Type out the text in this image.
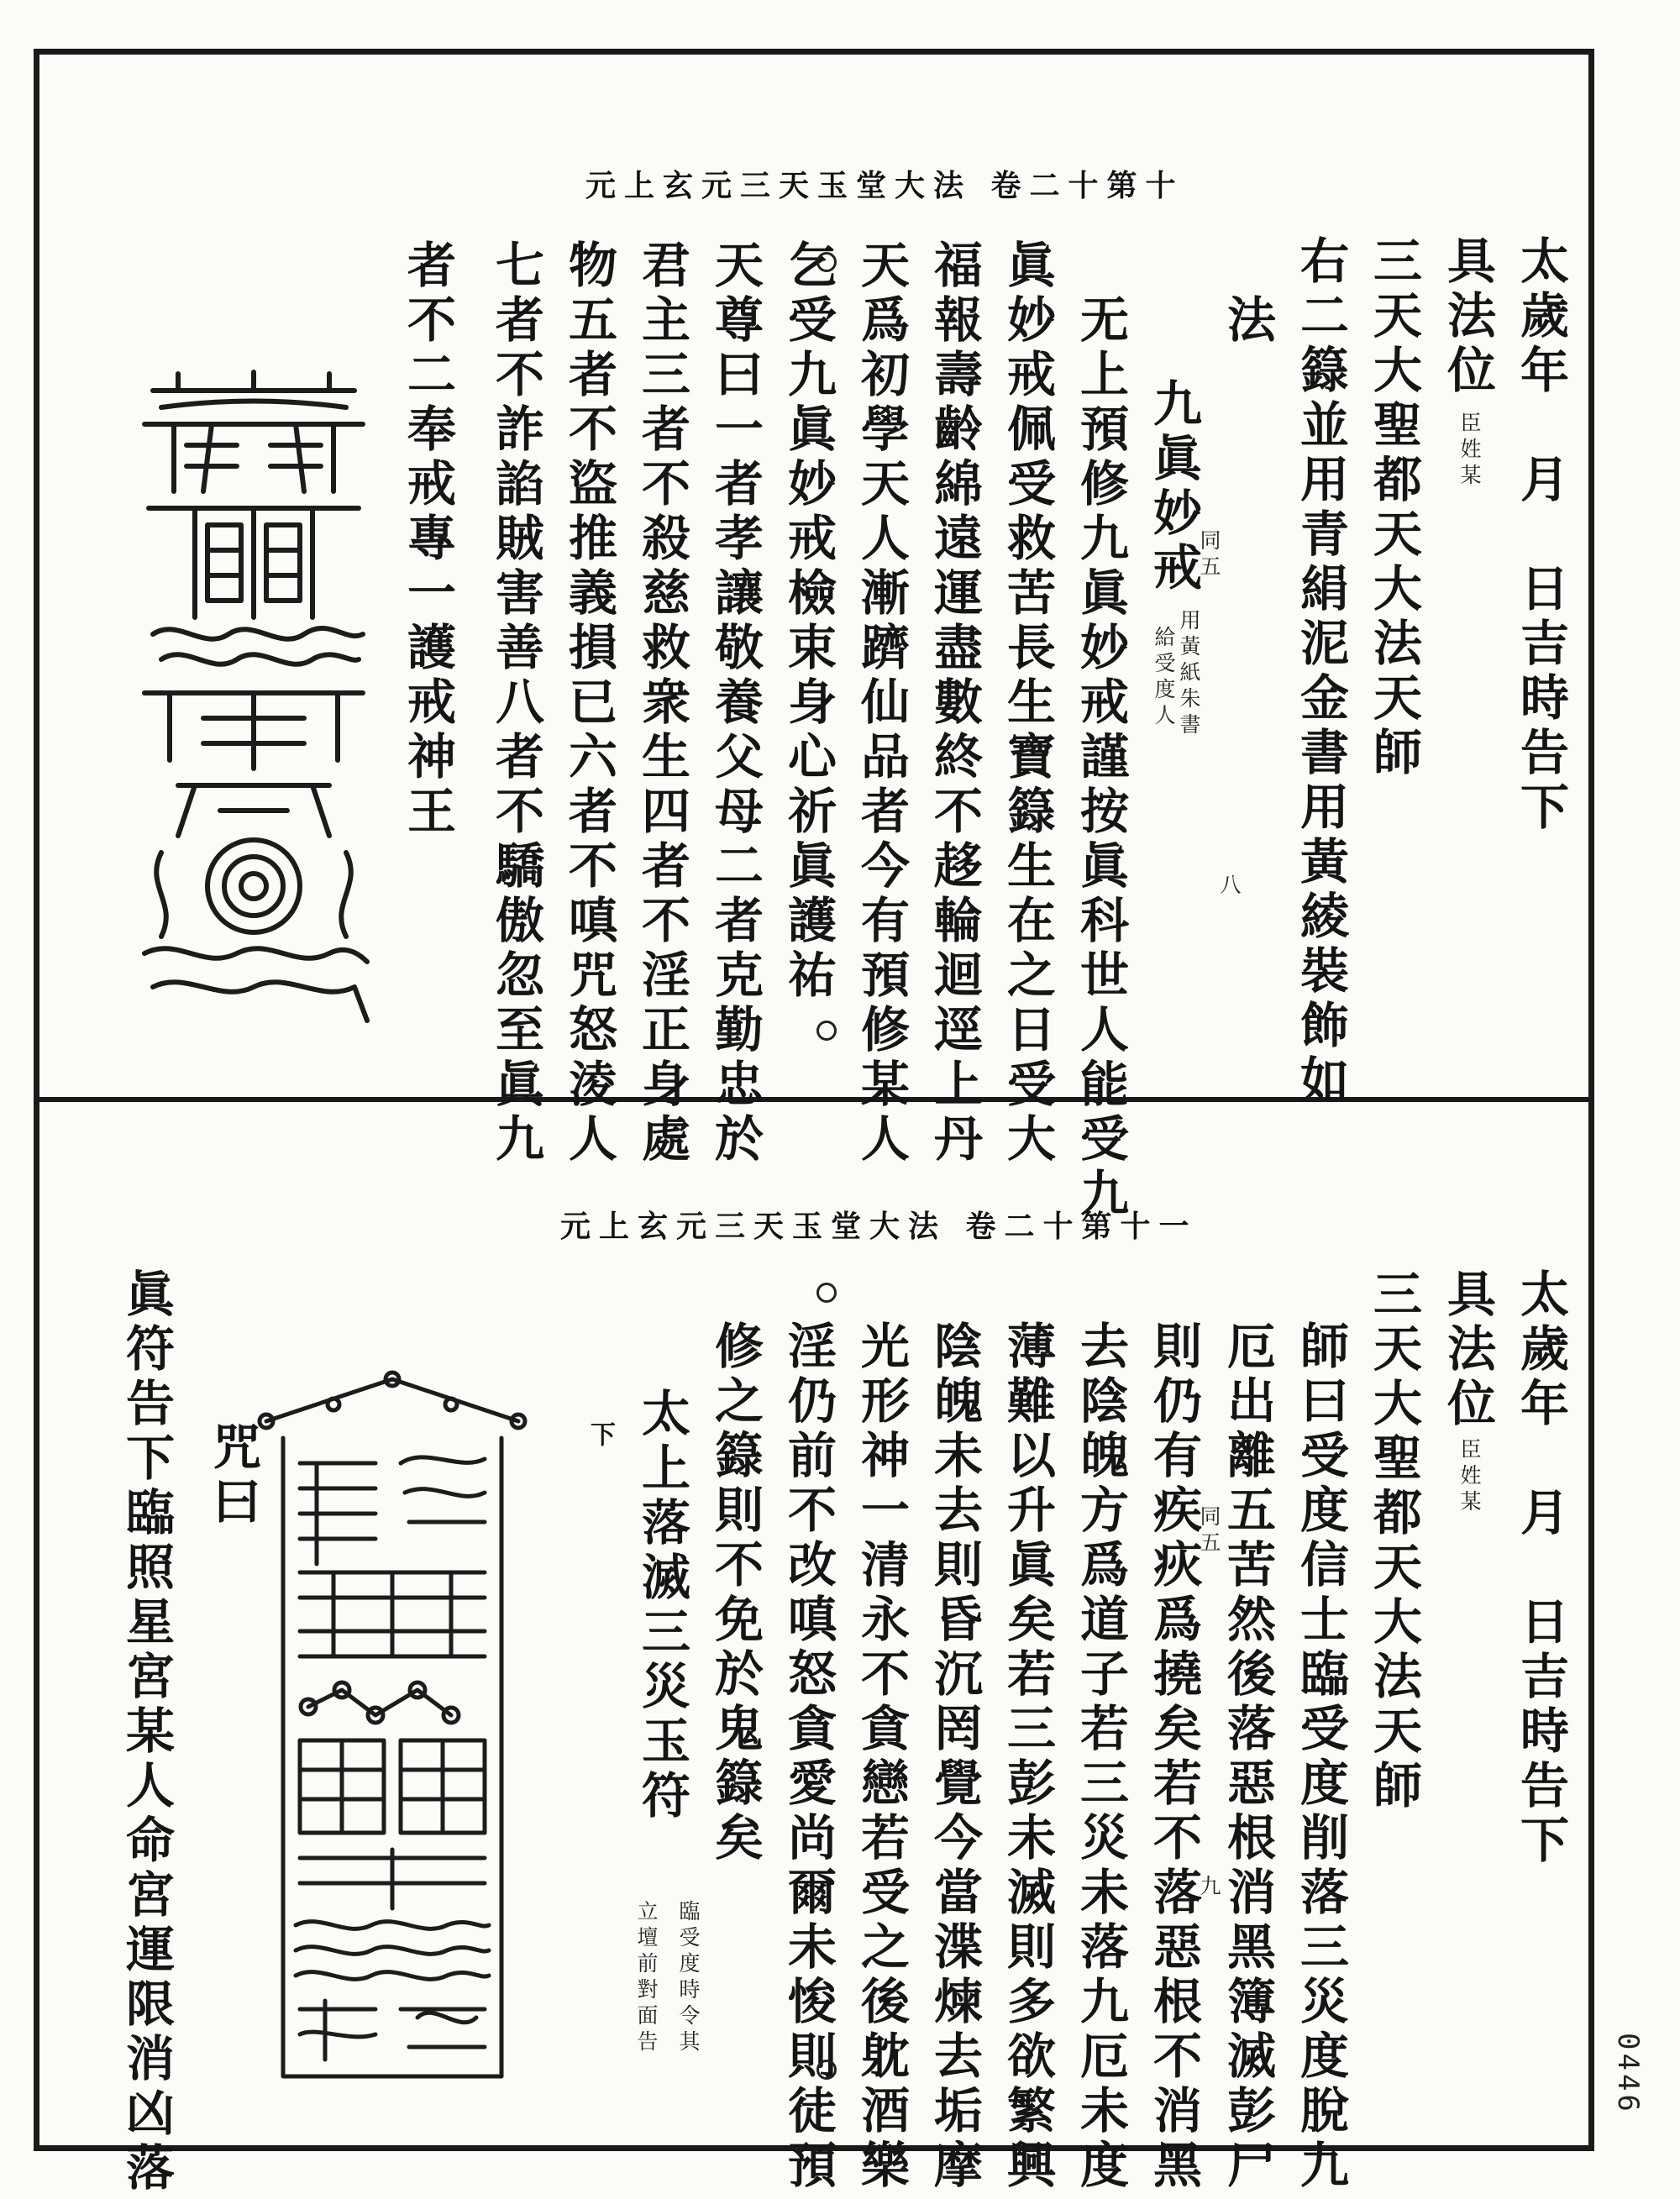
0446
元上玄元三天玉堂大法 卷二十第十
太歲年　月　日吉時告下
具法位
臣姓某
三天大聖都天大法天師
右二籙並用青絹泥金書用黃綾裝飾如
法
九眞妙戒
同五
用黃紙朱書
給受度人
八
无上預修九眞妙戒謹按眞科世人能受九
眞妙戒佩受救苦長生寶籙生在之日受大
福報壽齡綿遠運盡數終不趍輪迴逕上丹
天爲初學天人漸躋仙品者今有預修某人
乞受九眞妙戒檢束身心祈眞護祐
天尊曰一者孝讓敬養父母二者克勤忠於
君主三者不殺慈救衆生四者不淫正身處
物五者不盜推義損已六者不嗔咒怒淩人
七者不詐諂賊害善八者不驕傲忽至眞九
者不二奉戒專一護戒神王
元上玄元三天玉堂大法 卷二十第十一
太歲年　月　日吉時告下
具法位
臣姓某
三天大聖都天大法天師
師曰受度信士臨受度削落三災度脫九
厄出離五苦然後落惡根消黑簿滅彭尸
同五
九
則仍有疾疢爲撓矣若不落惡根不消黑
去陰魄方爲道子若三災未落九厄未度
薄難以升眞矣若三彭未滅則多欲繁興
陰魄未去則昏沉罔覺今當渫煉去垢摩
光形神一清永不貪戀若受之後躭酒樂
淫仍前不改嗔怒貪愛尚爾未悛則徒預
修之籙則不免於鬼籙矣
太上落滅三災玉符
臨受度時令其
立壇前對面告
下
咒曰
眞符告下臨照星宮某人命宮運限消凶落
